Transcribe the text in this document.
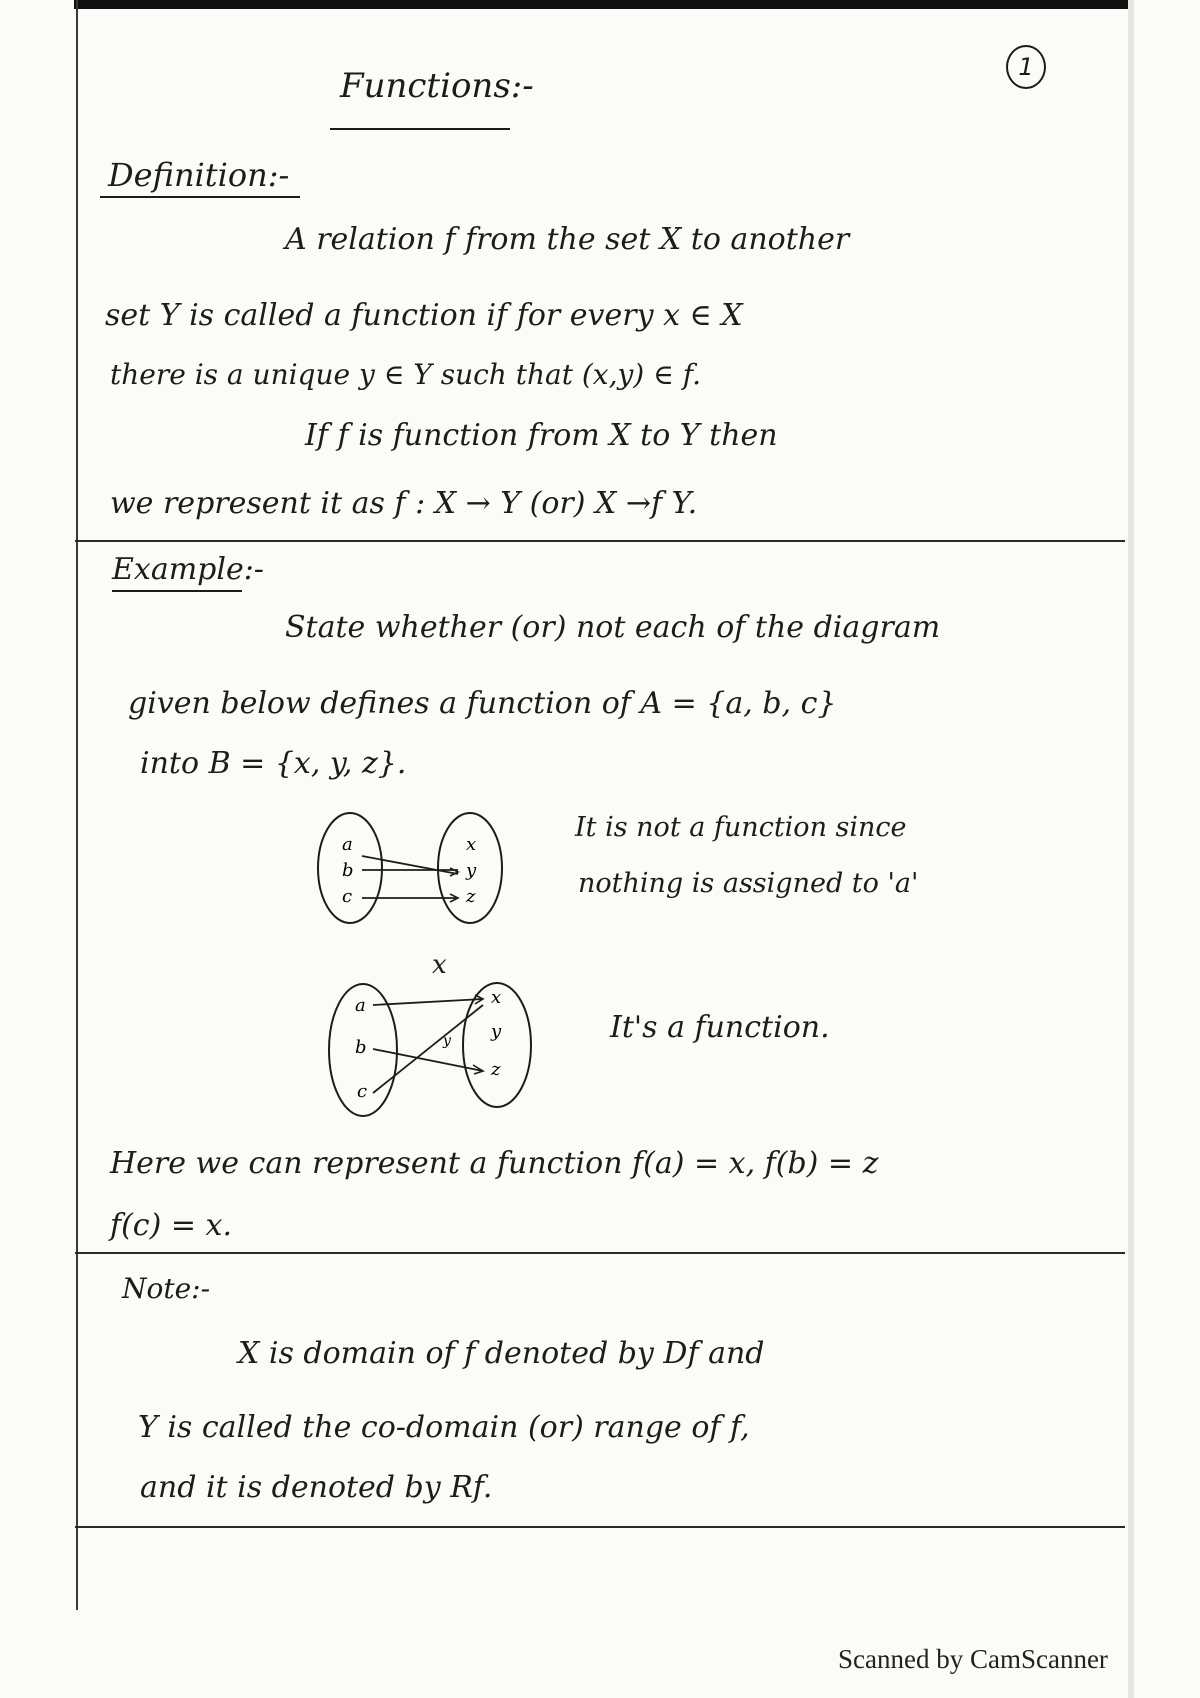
1
Functions:-
Definition:-
A relation f from the set X to another
set Y is called a function if for every x ∈ X
there is a unique y ∈ Y such that (x,y) ∈ f.
If f is function from X to Y then
we represent it as f : X → Y (or) X →f Y.
Example:-
State whether (or) not each of the diagram
given below defines a function of A = {a, b, c}
into B = {x, y, z}.
a
b
c
x
y
z
It is not a function since
nothing is assigned to 'a'
x
a
b
c
x
y
z
y	It's a function.
Here we can represent a function f(a) = x, f(b) = z
f(c) = x.
Note:-
X is domain of f denoted by Df and
Y is called the co-domain (or) range of f,
and it is denoted by Rf.
Scanned by CamScanner
